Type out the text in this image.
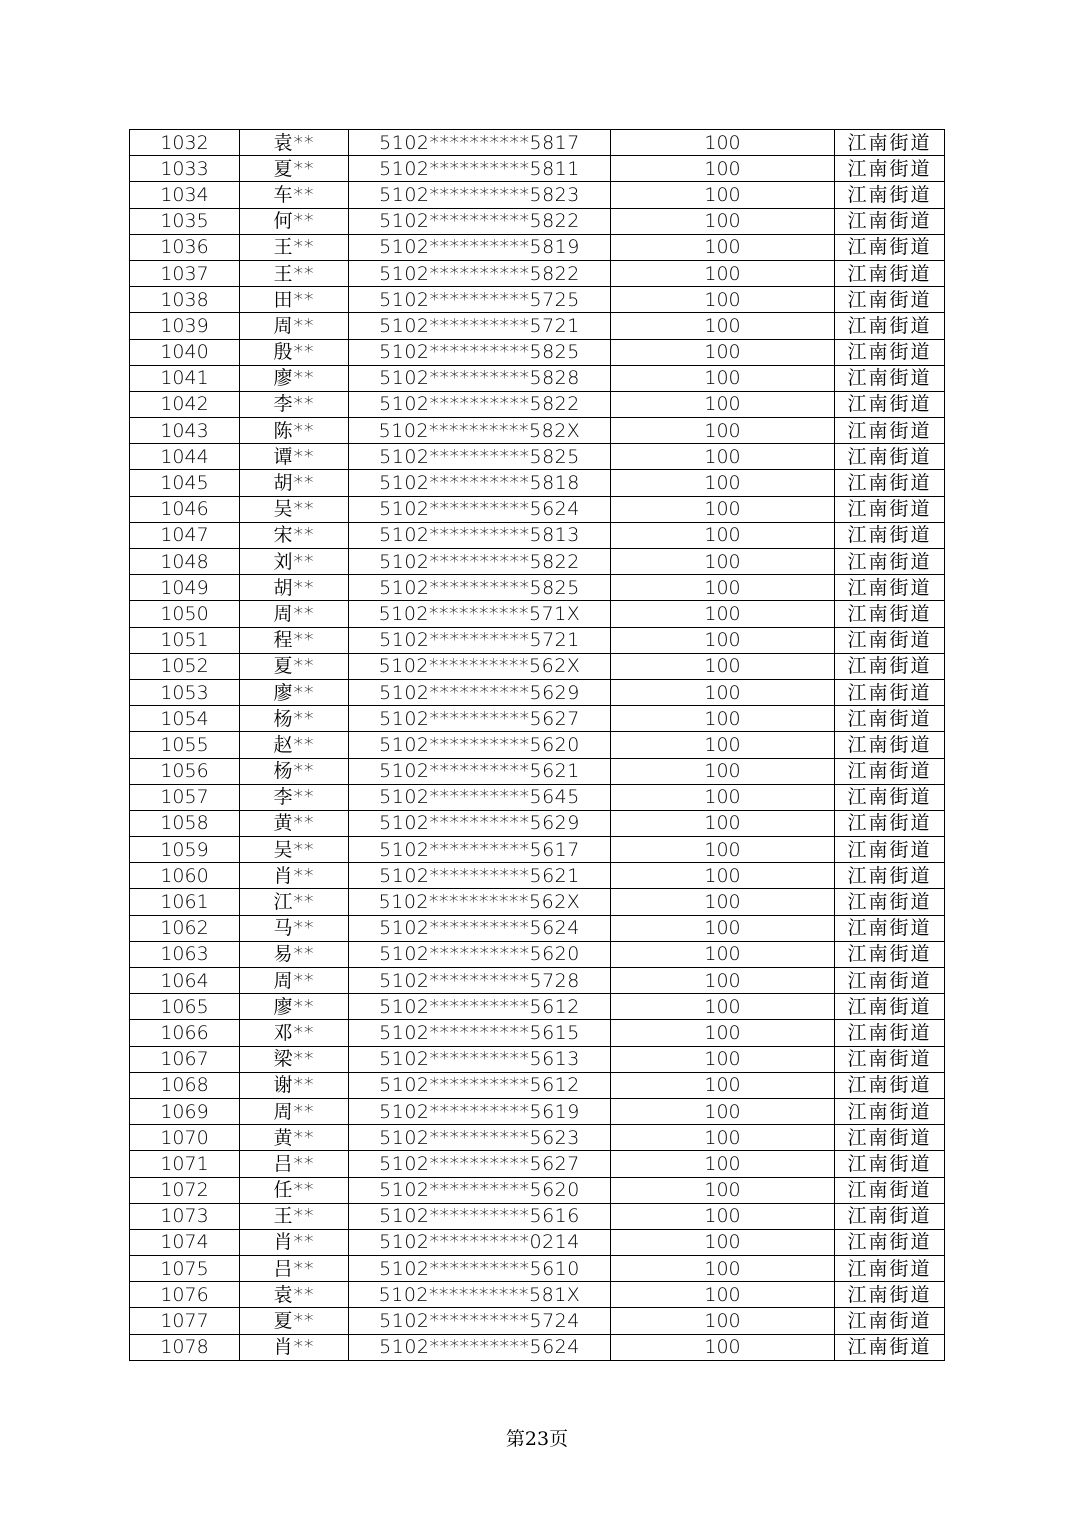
1032	袁**	5102**********5817	100	江南街道
1033	夏**	5102**********5811	100	江南街道
1034	车**	5102**********5823	100	江南街道
1035	何**	5102**********5822	100	江南街道
1036	王**	5102**********5819	100	江南街道
1037	王**	5102**********5822	100	江南街道
1038	田**	5102**********5725	100	江南街道
1039	周**	5102**********5721	100	江南街道
1040	殷**	5102**********5825	100	江南街道
1041	廖**	5102**********5828	100	江南街道
1042	李**	5102**********5822	100	江南街道
1043	陈**	5102**********582X	100	江南街道
1044	谭**	5102**********5825	100	江南街道
1045	胡**	5102**********5818	100	江南街道
1046	吴**	5102**********5624	100	江南街道
1047	宋**	5102**********5813	100	江南街道
1048	刘**	5102**********5822	100	江南街道
1049	胡**	5102**********5825	100	江南街道
1050	周**	5102**********571X	100	江南街道
1051	程**	5102**********5721	100	江南街道
1052	夏**	5102**********562X	100	江南街道
1053	廖**	5102**********5629	100	江南街道
1054	杨**	5102**********5627	100	江南街道
1055	赵**	5102**********5620	100	江南街道
1056	杨**	5102**********5621	100	江南街道
1057	李**	5102**********5645	100	江南街道
1058	黄**	5102**********5629	100	江南街道
1059	吴**	5102**********5617	100	江南街道
1060	肖**	5102**********5621	100	江南街道
1061	江**	5102**********562X	100	江南街道
1062	马**	5102**********5624	100	江南街道
1063	易**	5102**********5620	100	江南街道
1064	周**	5102**********5728	100	江南街道
1065	廖**	5102**********5612	100	江南街道
1066	邓**	5102**********5615	100	江南街道
1067	梁**	5102**********5613	100	江南街道
1068	谢**	5102**********5612	100	江南街道
1069	周**	5102**********5619	100	江南街道
1070	黄**	5102**********5623	100	江南街道
1071	吕**	5102**********5627	100	江南街道
1072	任**	5102**********5620	100	江南街道
1073	王**	5102**********5616	100	江南街道
1074	肖**	5102**********0214	100	江南街道
1075	吕**	5102**********5610	100	江南街道
1076	袁**	5102**********581X	100	江南街道
1077	夏**	5102**********5724	100	江南街道
1078	肖**	5102**********5624	100	江南街道
第23页
